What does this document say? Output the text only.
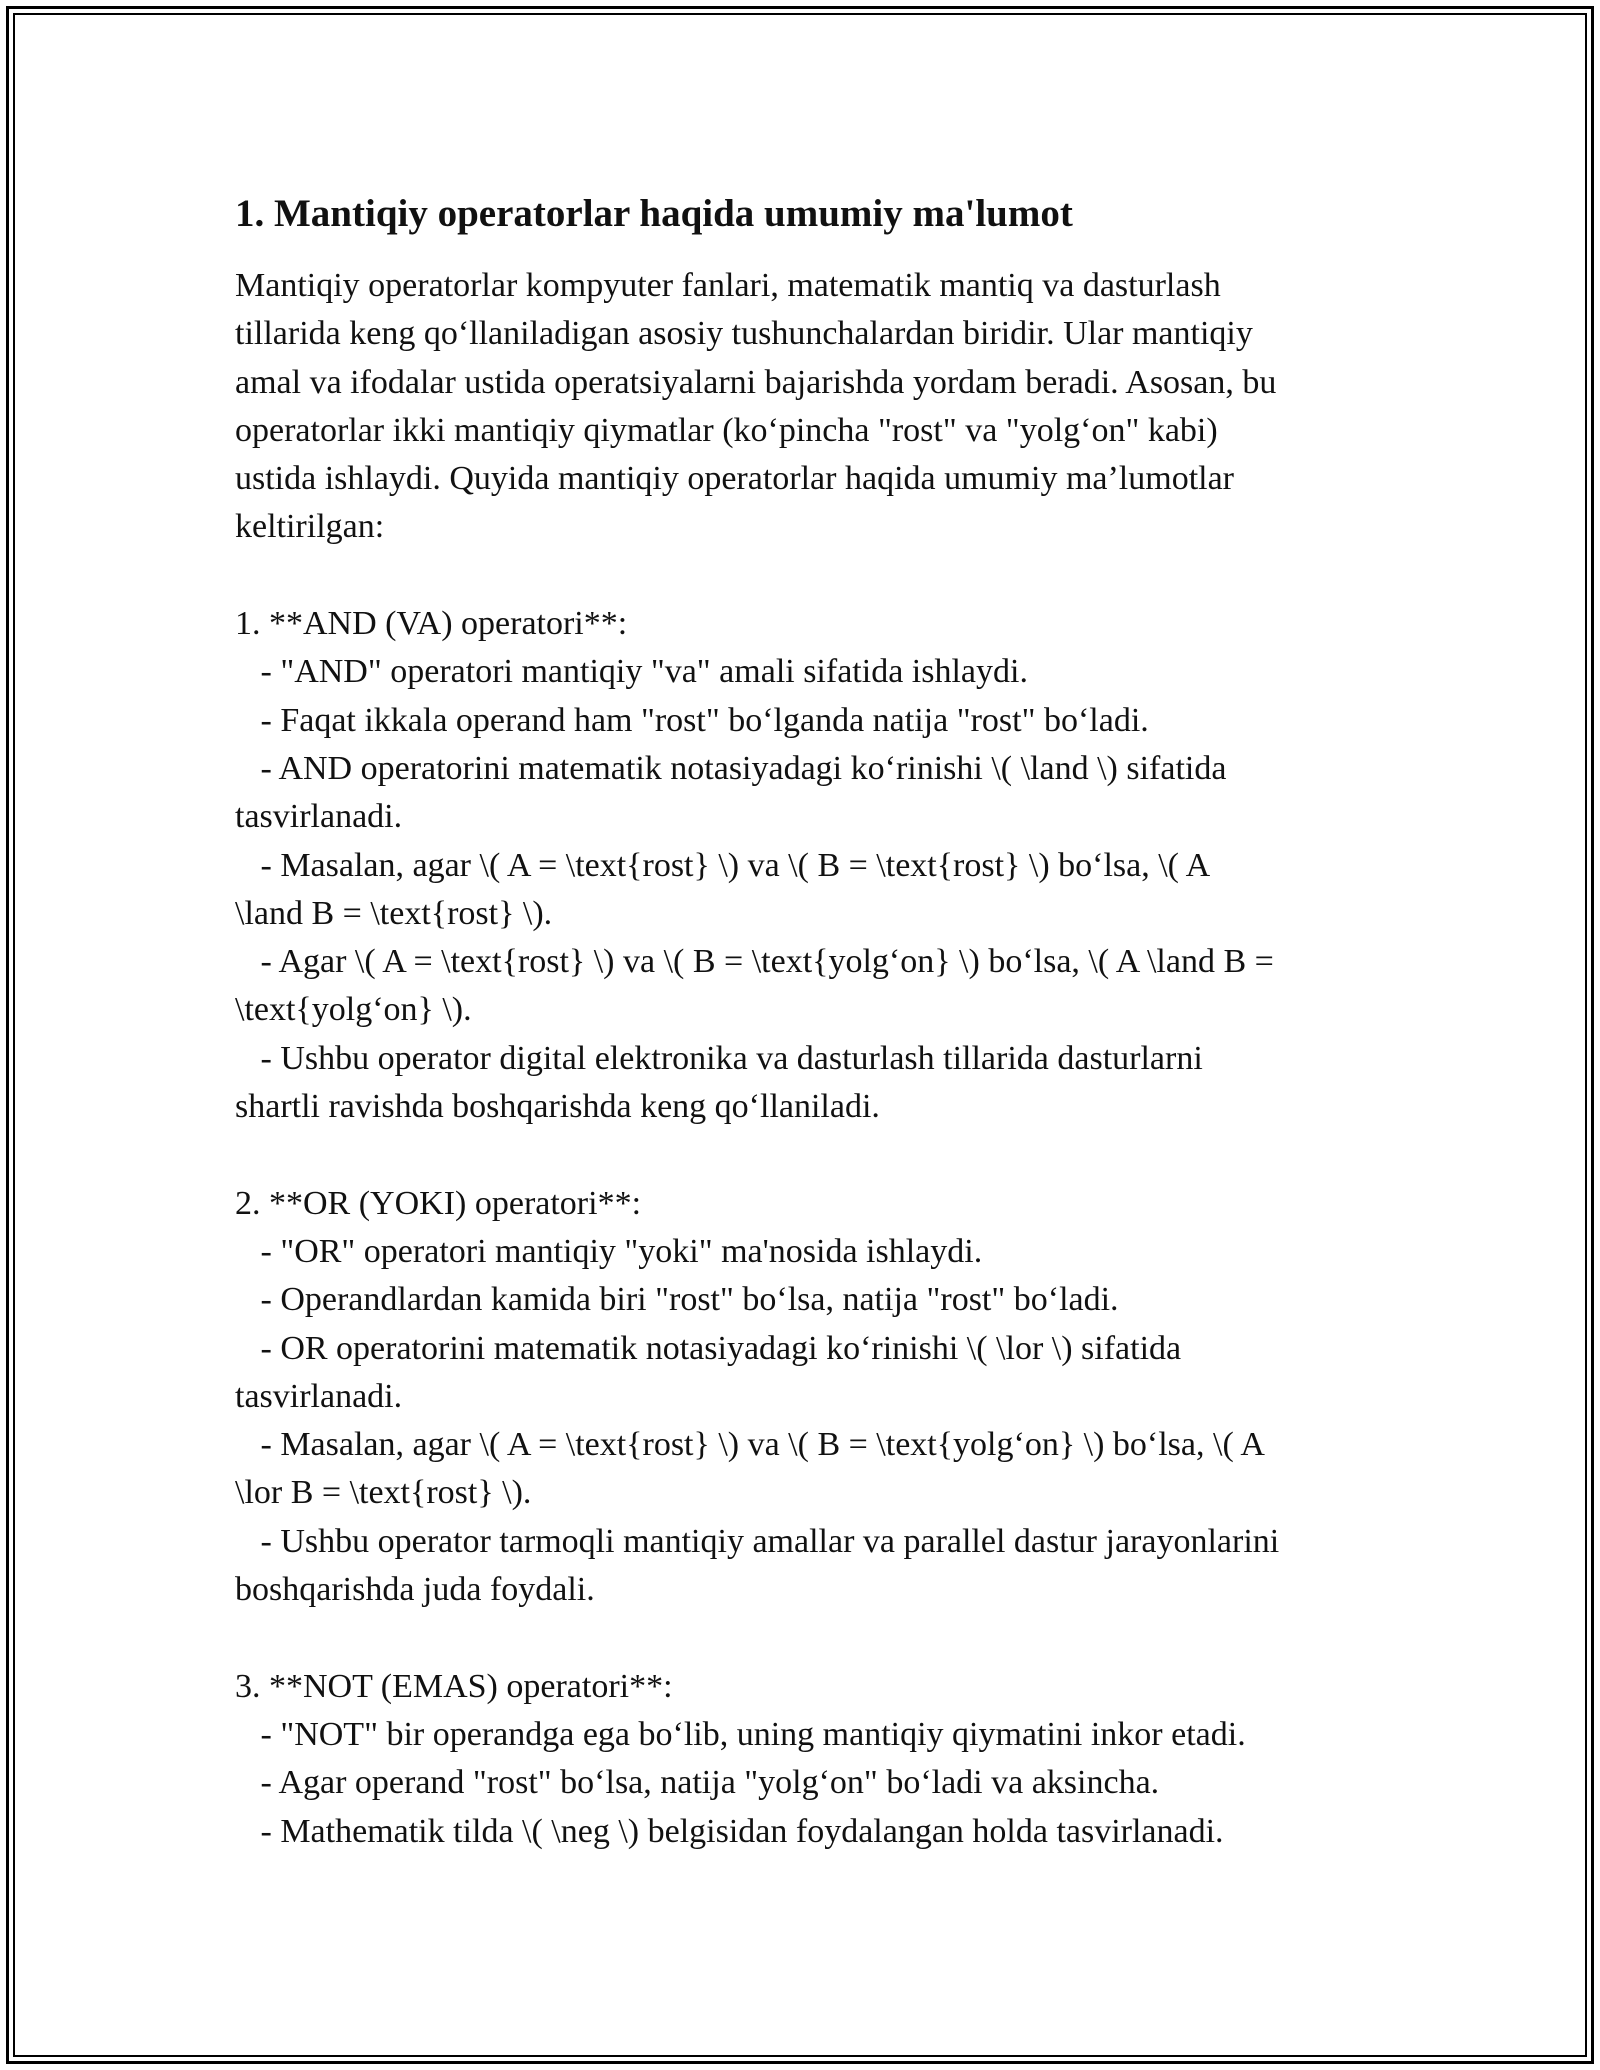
1. Mantiqiy operatorlar haqida umumiy ma'lumot
Mantiqiy operatorlar kompyuter fanlari, matematik mantiq va dasturlash
tillarida keng qo‘llaniladigan asosiy tushunchalardan biridir. Ular mantiqiy
amal va ifodalar ustida operatsiyalarni bajarishda yordam beradi. Asosan, bu
operatorlar ikki mantiqiy qiymatlar (ko‘pincha "rost" va "yolg‘on" kabi)
ustida ishlaydi. Quyida mantiqiy operatorlar haqida umumiy ma’lumotlar
keltirilgan:
1. **AND (VA) operatori**:
- "AND" operatori mantiqiy "va" amali sifatida ishlaydi.
- Faqat ikkala operand ham "rost" bo‘lganda natija "rost" bo‘ladi.
- AND operatorini matematik notasiyadagi ko‘rinishi \( \land \) sifatida
tasvirlanadi.
- Masalan, agar \( A = \text{rost} \) va \( B = \text{rost} \) bo‘lsa, \( A
\land B = \text{rost} \).
- Agar \( A = \text{rost} \) va \( B = \text{yolg‘on} \) bo‘lsa, \( A \land B =
\text{yolg‘on} \).
- Ushbu operator digital elektronika va dasturlash tillarida dasturlarni
shartli ravishda boshqarishda keng qo‘llaniladi.
2. **OR (YOKI) operatori**:
- "OR" operatori mantiqiy "yoki" ma'nosida ishlaydi.
- Operandlardan kamida biri "rost" bo‘lsa, natija "rost" bo‘ladi.
- OR operatorini matematik notasiyadagi ko‘rinishi \( \lor \) sifatida
tasvirlanadi.
- Masalan, agar \( A = \text{rost} \) va \( B = \text{yolg‘on} \) bo‘lsa, \( A
\lor B = \text{rost} \).
- Ushbu operator tarmoqli mantiqiy amallar va parallel dastur jarayonlarini
boshqarishda juda foydali.
3. **NOT (EMAS) operatori**:
- "NOT" bir operandga ega bo‘lib, uning mantiqiy qiymatini inkor etadi.
- Agar operand "rost" bo‘lsa, natija "yolg‘on" bo‘ladi va aksincha.
- Mathematik tilda \( \neg \) belgisidan foydalangan holda tasvirlanadi.
